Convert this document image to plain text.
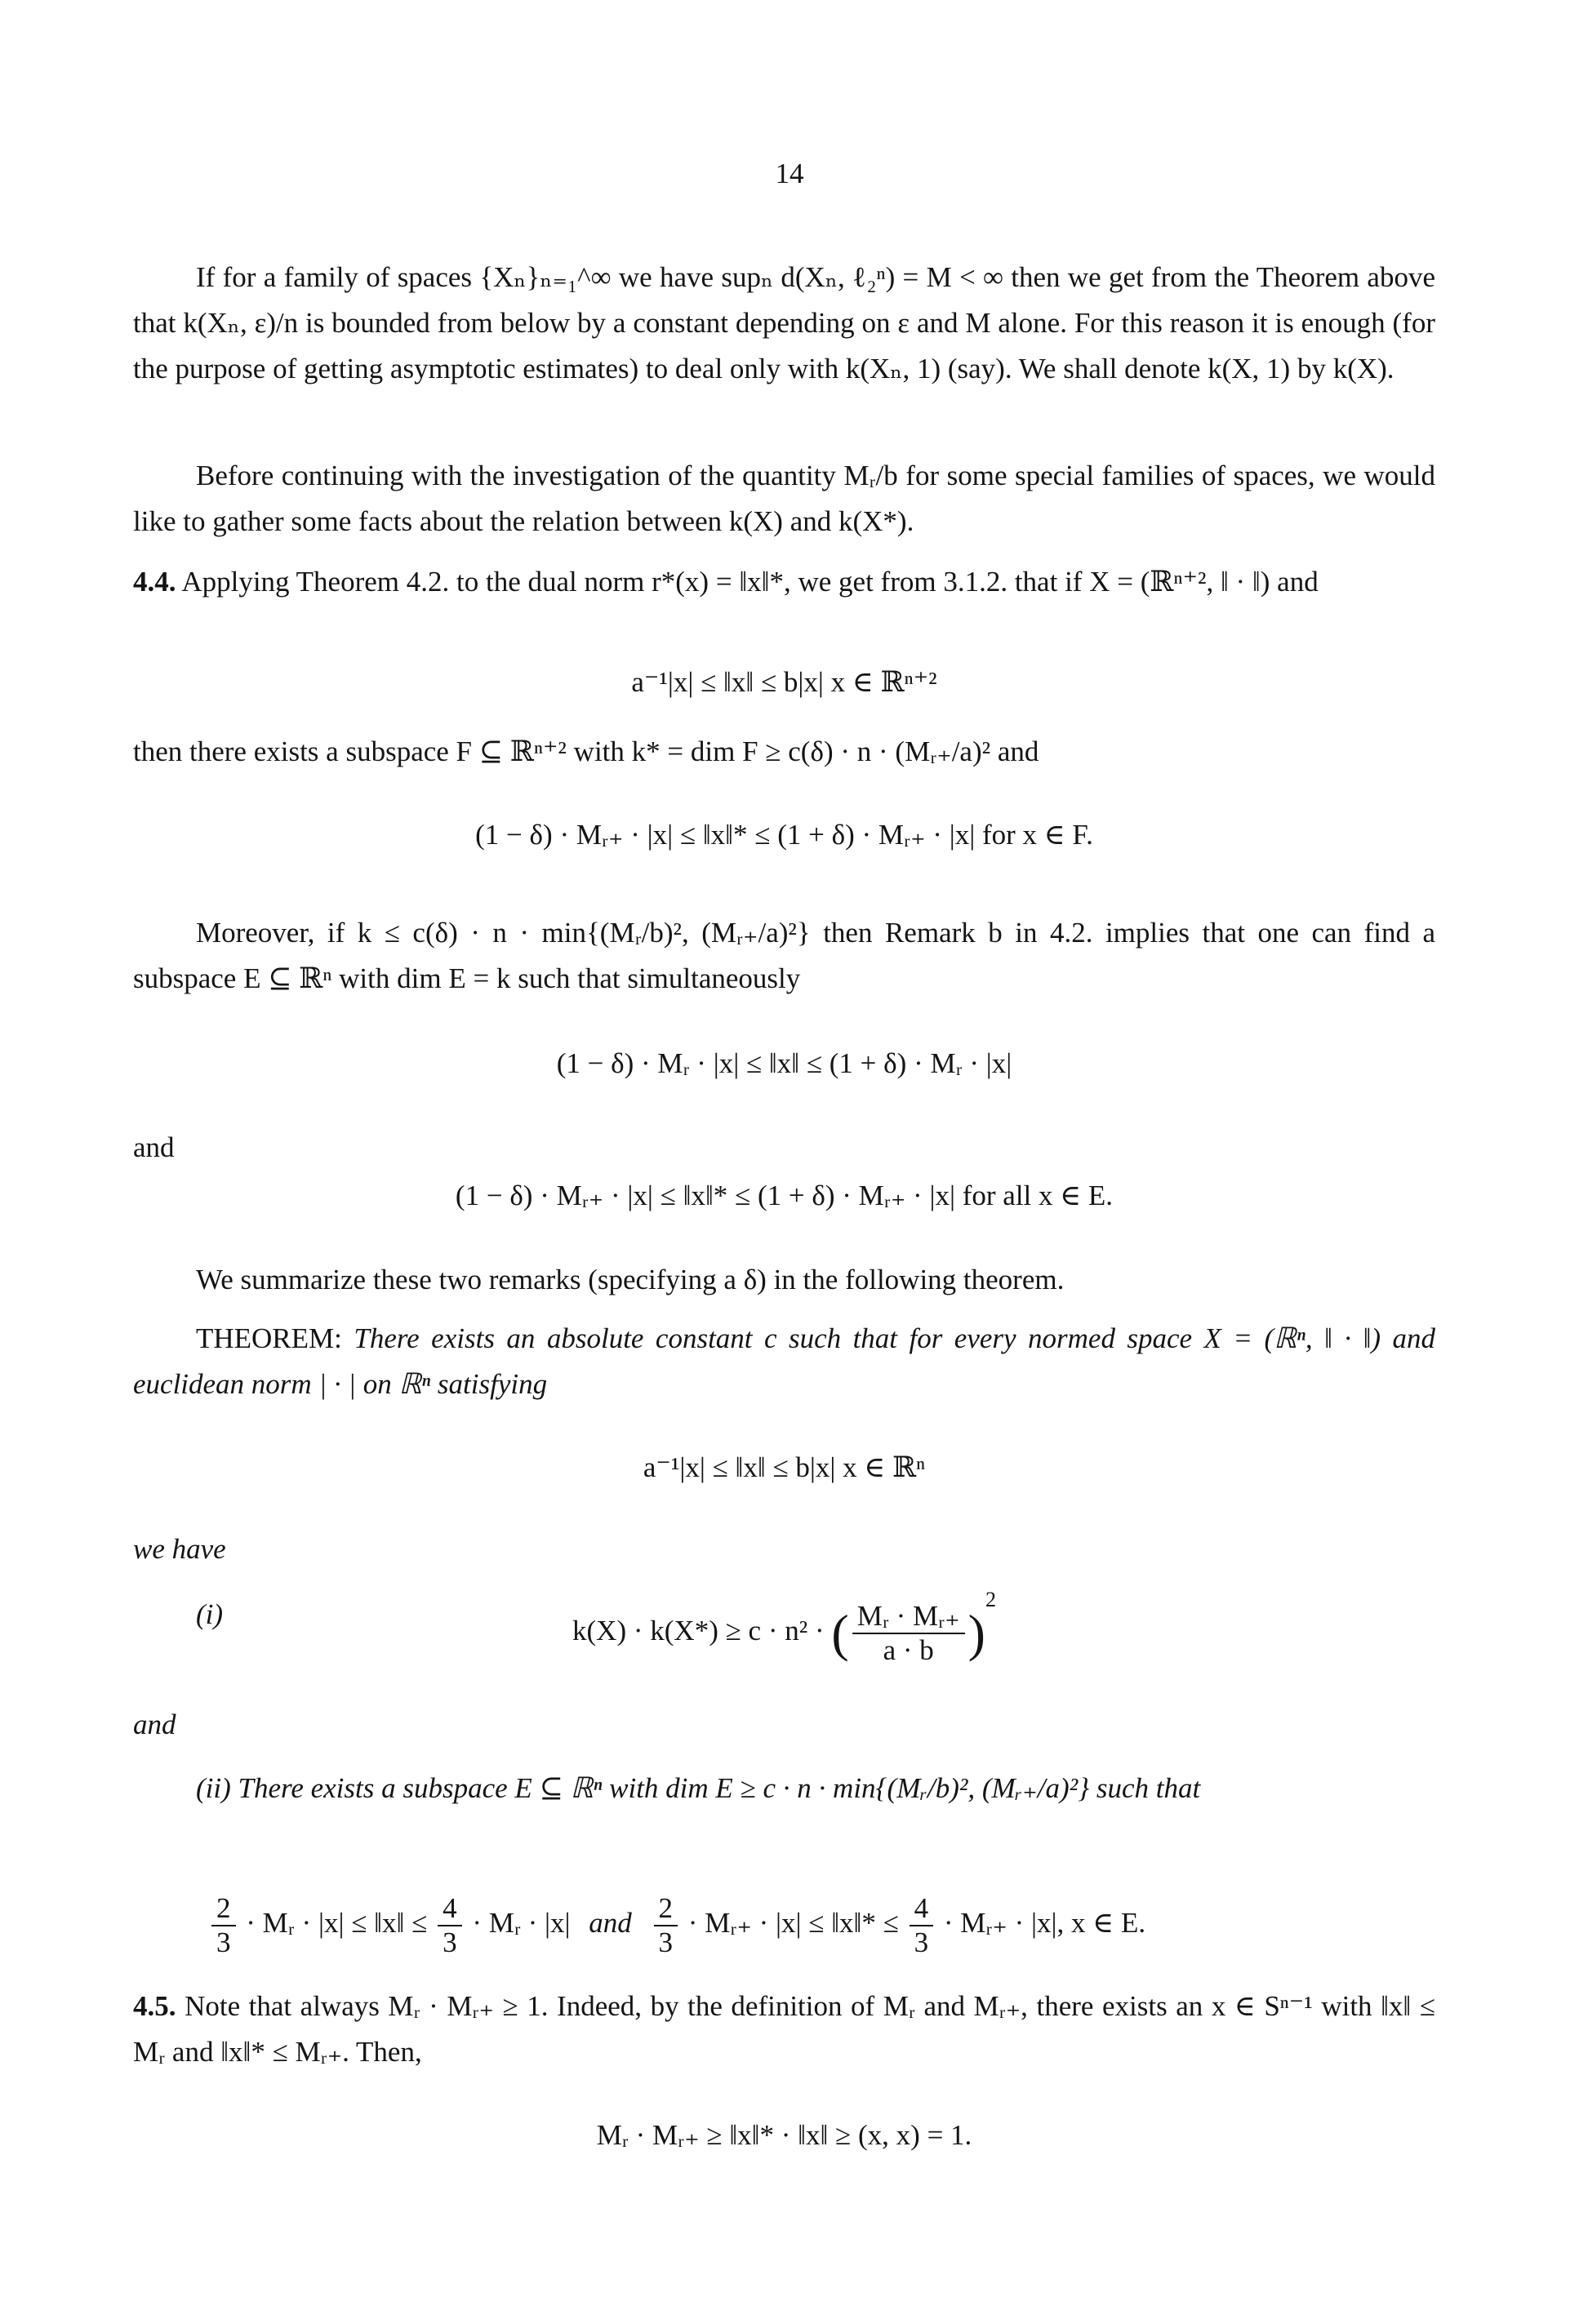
14

If for a family of spaces {Xₙ}ₙ₌₁^∞ we have supₙ d(Xₙ, ℓ₂ⁿ) = M < ∞ then we get from the Theorem above that k(Xₙ, ε)/n is bounded from below by a constant depending on ε and M alone. For this reason it is enough (for the purpose of getting asymptotic estimates) to deal only with k(Xₙ, 1) (say). We shall denote k(X, 1) by k(X).

Before continuing with the investigation of the quantity Mᵣ/b for some special families of spaces, we would like to gather some facts about the relation between k(X) and k(X*).

4.4. Applying Theorem 4.2. to the dual norm r*(x) = ‖x‖*, we get from 3.1.2. that if X = (ℝⁿ⁺², ‖ · ‖) and

a⁻¹|x| ≤ ‖x‖ ≤ b|x| x ∈ ℝⁿ⁺²

then there exists a subspace F ⊆ ℝⁿ⁺² with k* = dim F ≥ c(δ) · n · (Mᵣ₊/a)² and

(1 − δ) · Mᵣ₊ · |x| ≤ ‖x‖* ≤ (1 + δ) · Mᵣ₊ · |x| for x ∈ F.

Moreover, if k ≤ c(δ) · n · min{(Mᵣ/b)², (Mᵣ₊/a)²} then Remark b in 4.2. implies that one can find a subspace E ⊆ ℝⁿ with dim E = k such that simultaneously

(1 − δ) · Mᵣ · |x| ≤ ‖x‖ ≤ (1 + δ) · Mᵣ · |x|
and
(1 − δ) · Mᵣ₊ · |x| ≤ ‖x‖* ≤ (1 + δ) · Mᵣ₊ · |x| for all x ∈ E.

We summarize these two remarks (specifying a δ) in the following theorem.

THEOREM: There exists an absolute constant c such that for every normed space X = (ℝⁿ, ‖ · ‖) and euclidean norm | · | on ℝⁿ satisfying

a⁻¹|x| ≤ ‖x‖ ≤ b|x| x ∈ ℝⁿ
we have
(i)
k(X) · k(X*) ≥ c · n² · ( $\frac{\text{Mᵣ · Mᵣ₊}}{a \cdot b} )^2$
and

(ii) There exists a subspace E ⊆ ℝⁿ with dim E ≥ c · n · min{(Mᵣ/b)², (Mᵣ₊/a)²} such that

$\frac{2}{3}$ · Mᵣ · |x| ≤ ‖x‖ ≤ $\frac{4}{3}$ · Mᵣ · |x| and $\frac{2}{3}$ · Mᵣ₊ · |x| ≤ ‖x‖* ≤ $\frac{4}{3}$ · Mᵣ₊ · |x|, x ∈ E.

4.5. Note that always Mᵣ · Mᵣ₊ ≥ 1. Indeed, by the definition of Mᵣ and Mᵣ₊, there exists an x ∈ Sⁿ⁻¹ with ‖x‖ ≤ Mᵣ and ‖x‖* ≤ Mᵣ₊. Then,

Mᵣ · Mᵣ₊ ≥ ‖x‖* · ‖x‖ ≥ (x, x) = 1.
